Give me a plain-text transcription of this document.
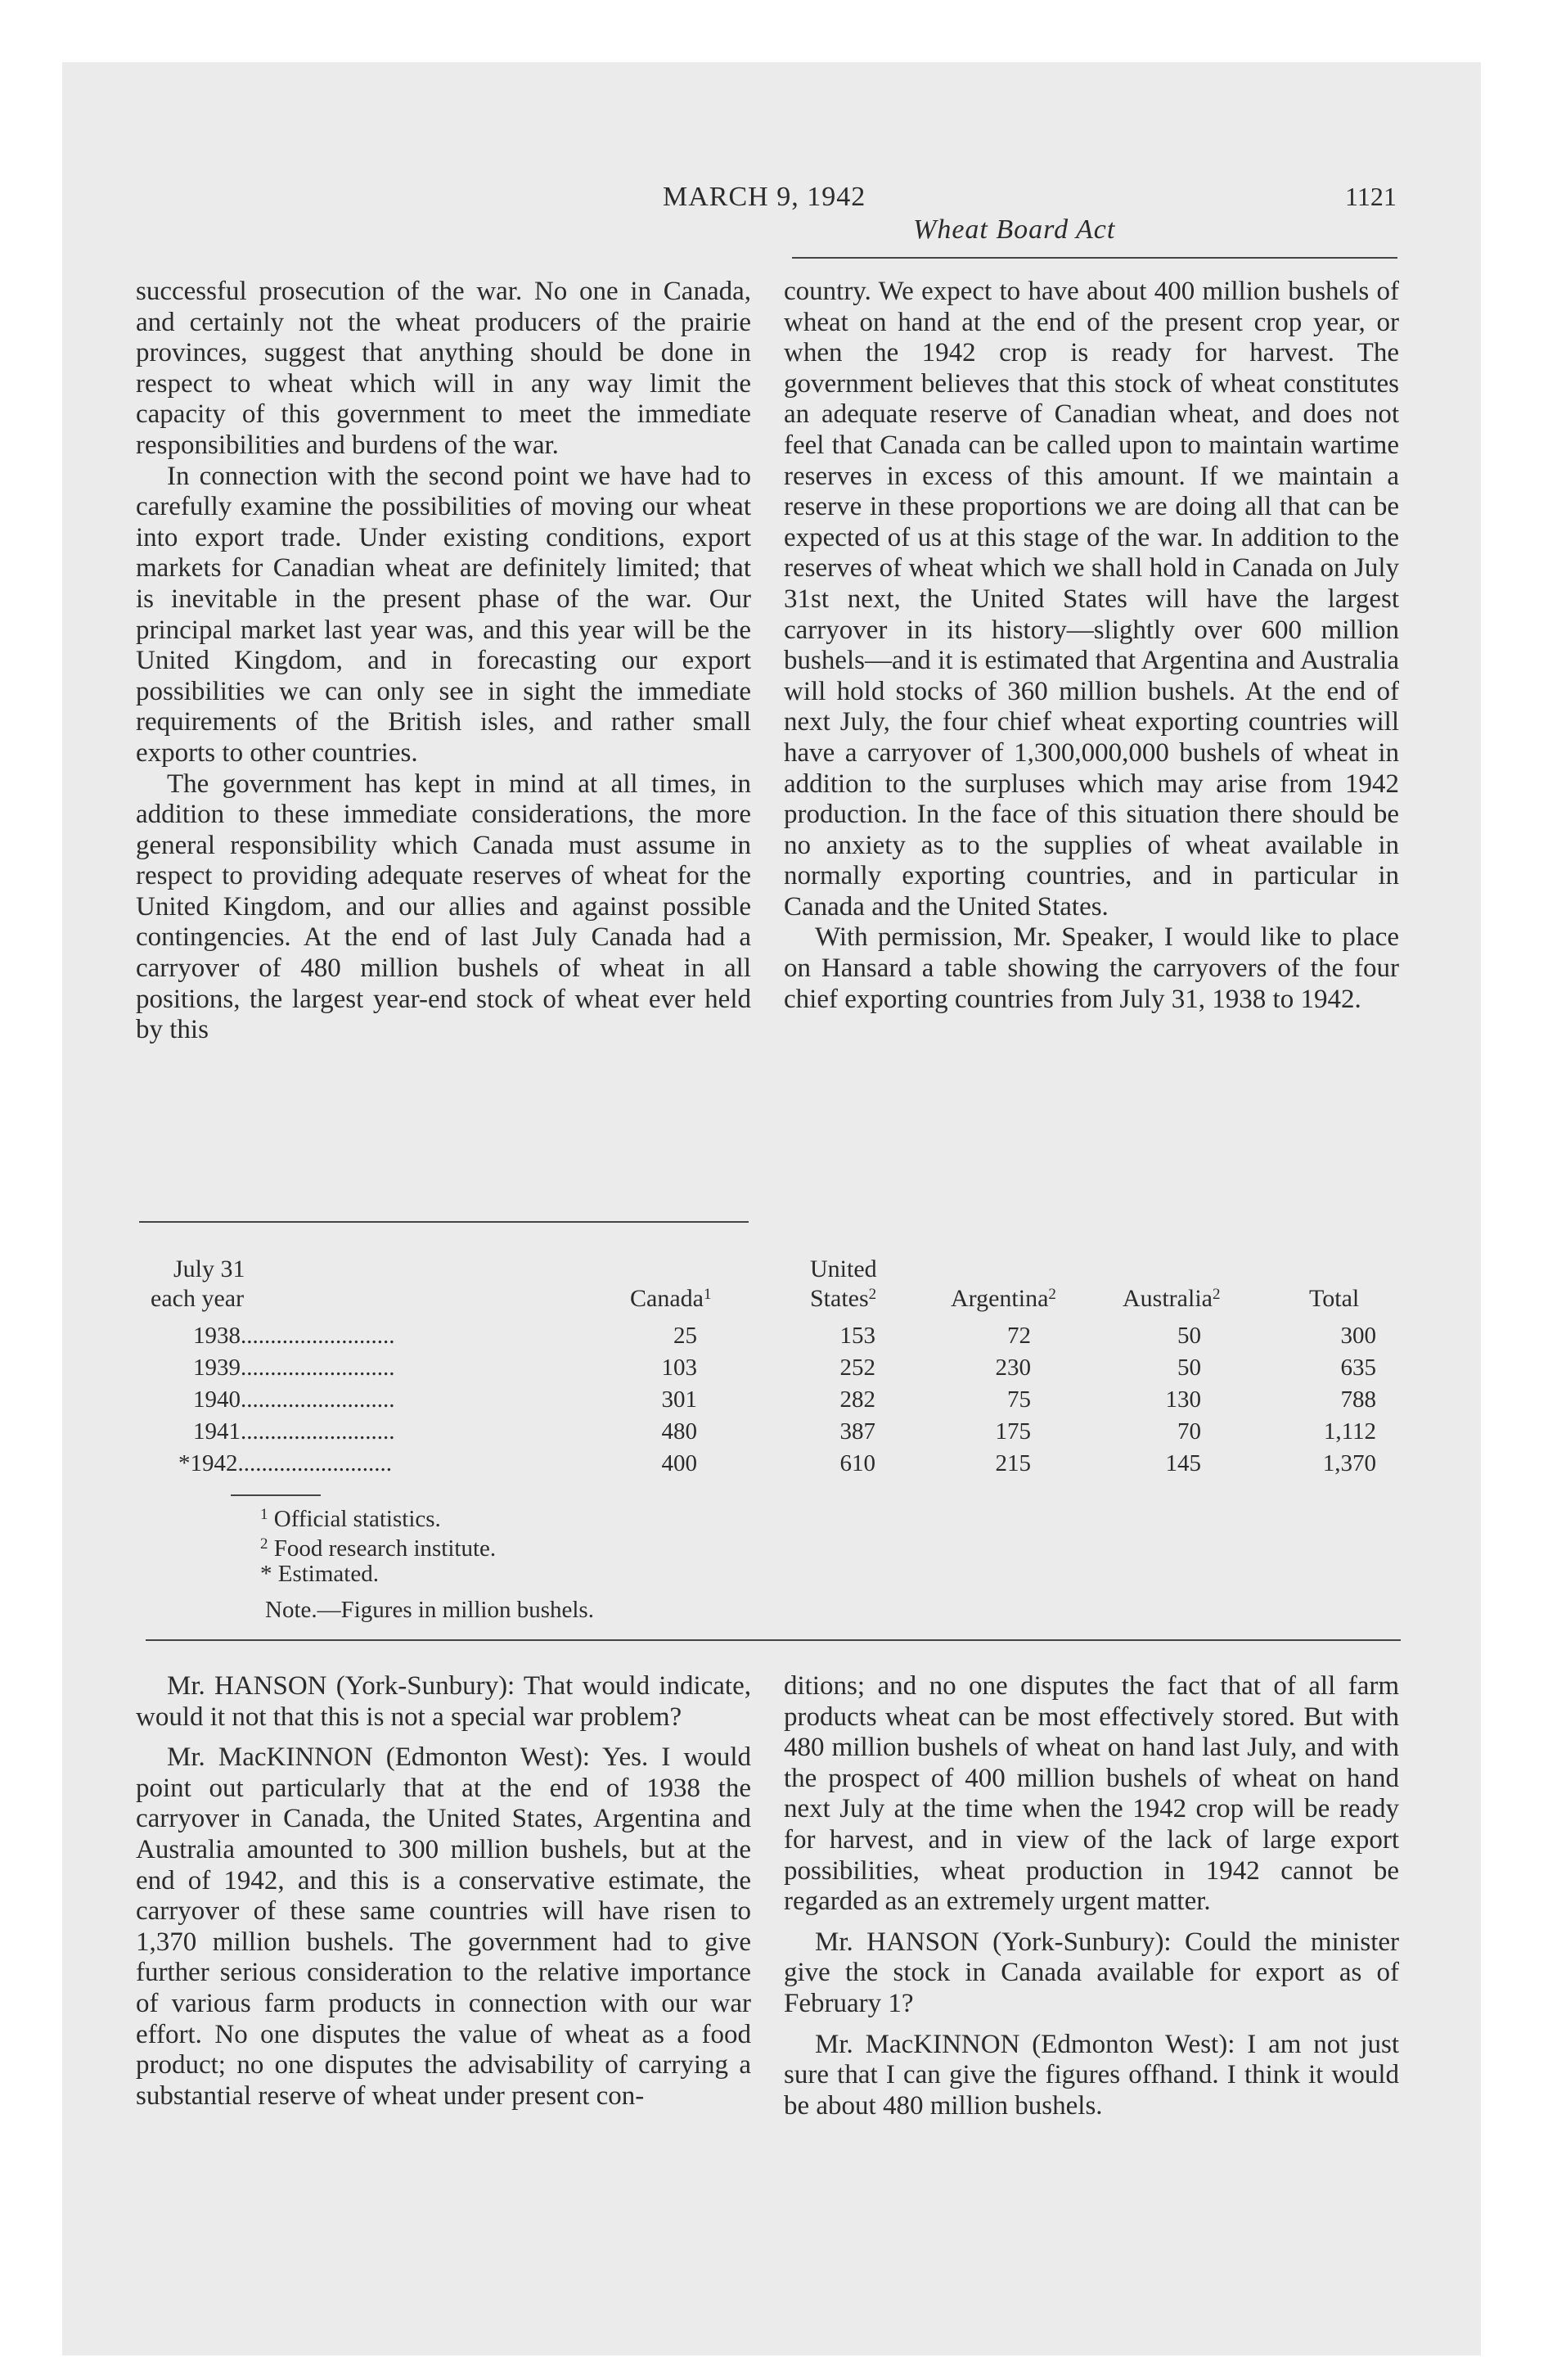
MARCH 9, 1942
Wheat Board Act
1121

successful prosecution of the war. No one in Canada, and certainly not the wheat producers of the prairie provinces, suggest that anything should be done in respect to wheat which will in any way limit the capacity of this government to meet the immediate responsibilities and burdens of the war.

In connection with the second point we have had to carefully examine the possibilities of moving our wheat into export trade. Under existing conditions, export markets for Canadian wheat are definitely limited; that is inevitable in the present phase of the war. Our principal market last year was, and this year will be the United Kingdom, and in forecasting our export possibilities we can only see in sight the immediate requirements of the British isles, and rather small exports to other countries.

The government has kept in mind at all times, in addition to these immediate considerations, the more general responsibility which Canada must assume in respect to providing adequate reserves of wheat for the United Kingdom, and our allies and against possible contingencies. At the end of last July Canada had a carryover of 480 million bushels of wheat in all positions, the largest year-end stock of wheat ever held by this

country. We expect to have about 400 million bushels of wheat on hand at the end of the present crop year, or when the 1942 crop is ready for harvest. The government believes that this stock of wheat constitutes an adequate reserve of Canadian wheat, and does not feel that Canada can be called upon to maintain wartime reserves in excess of this amount. If we maintain a reserve in these proportions we are doing all that can be expected of us at this stage of the war. In addition to the reserves of wheat which we shall hold in Canada on July 31st next, the United States will have the largest carryover in its history—slightly over 600 million bushels—and it is estimated that Argentina and Australia will hold stocks of 360 million bushels. At the end of next July, the four chief wheat exporting countries will have a carryover of 1,300,000,000 bushels of wheat in addition to the surpluses which may arise from 1942 production. In the face of this situation there should be no anxiety as to the supplies of wheat available in normally exporting countries, and in particular in Canada and the United States.

With permission, Mr. Speaker, I would like to place on Hansard a table showing the carryovers of the four chief exporting countries from July 31, 1938 to 1942.

July 31
each year	Canada$^1$
United
States$^2$	Argentina$^2$	Australia$^2$	Total
1938..........................	25	153	72	50	300
1939..........................	103	252	230	50	635
1940..........................	301	282	75	130	788
1941..........................	480	387	175	70	1,112
*1942..........................	400	610	215	145	1,370
$^1$ Official statistics.
$^2$ Food research institute.
* Estimated.
Note.—Figures in million bushels.

Mr. HANSON (York-Sunbury): That would indicate, would it not that this is not a special war problem?

Mr. MacKINNON (Edmonton West): Yes. I would point out particularly that at the end of 1938 the carryover in Canada, the United States, Argentina and Australia amounted to 300 million bushels, but at the end of 1942, and this is a conservative estimate, the carryover of these same countries will have risen to 1,370 million bushels. The government had to give further serious consideration to the relative importance of various farm products in connection with our war effort. No one disputes the value of wheat as a food product; no one disputes the advisability of carrying a substantial reserve of wheat under present con-

ditions; and no one disputes the fact that of all farm products wheat can be most effectively stored. But with 480 million bushels of wheat on hand last July, and with the prospect of 400 million bushels of wheat on hand next July at the time when the 1942 crop will be ready for harvest, and in view of the lack of large export possibilities, wheat production in 1942 cannot be regarded as an extremely urgent matter.

Mr. HANSON (York-Sunbury): Could the minister give the stock in Canada available for export as of February 1?

Mr. MacKINNON (Edmonton West): I am not just sure that I can give the figures offhand. I think it would be about 480 million bushels.
